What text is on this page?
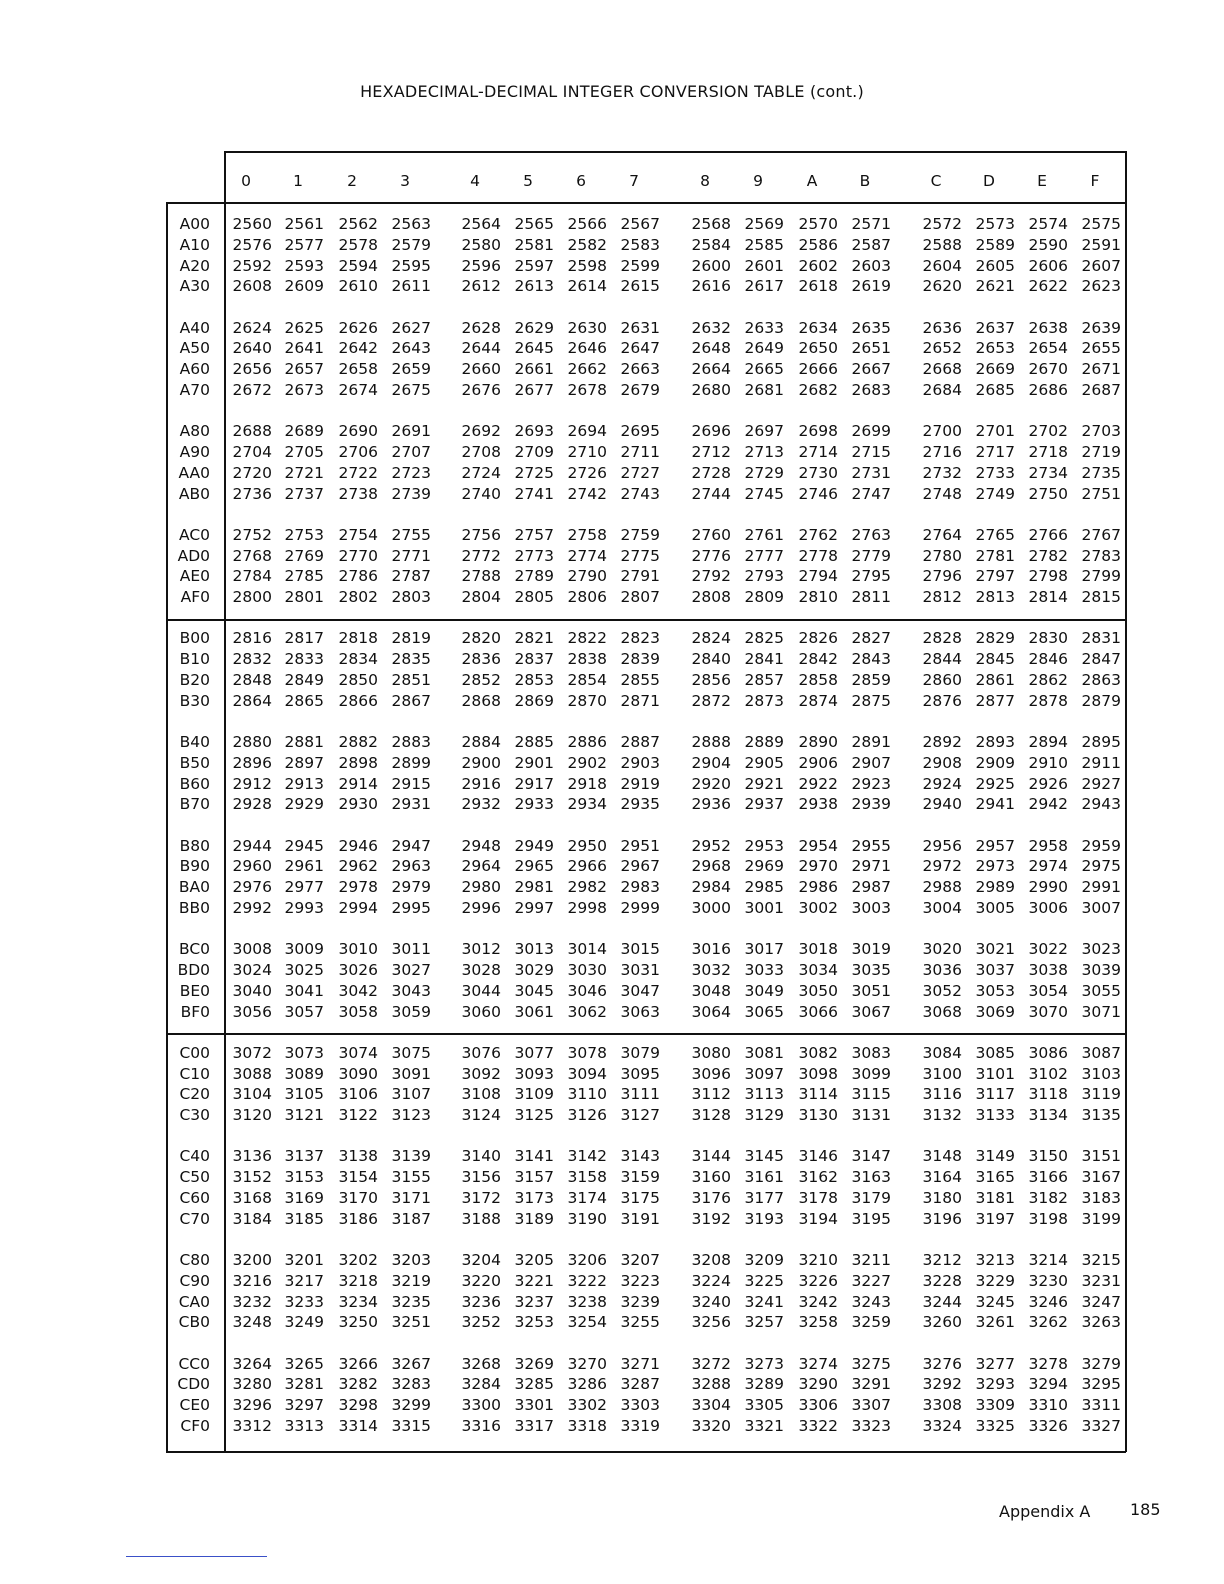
HEXADECIMAL-DECIMAL INTEGER CONVERSION TABLE (cont.)
0	1	2	3	4	5	6	7	8	9	A	B	C	D	E	F
A00	2560 2561 2562 2563	2564 2565 2566 2567	2568 2569 2570 2571	2572 2573 2574 2575
A10	2576 2577 2578 2579	2580 2581 2582 2583	2584 2585 2586 2587	2588 2589 2590 2591
A20	2592 2593 2594 2595	2596 2597 2598 2599	2600 2601 2602 2603	2604 2605 2606 2607
A30	2608 2609 2610 2611	2612 2613 2614 2615	2616 2617 2618 2619	2620 2621 2622 2623
A40	2624 2625 2626 2627	2628 2629 2630 2631	2632 2633 2634 2635	2636 2637 2638 2639
A50	2640 2641 2642 2643	2644 2645 2646 2647	2648 2649 2650 2651	2652 2653 2654 2655
A60	2656 2657 2658 2659	2660 2661 2662 2663	2664 2665 2666 2667	2668 2669 2670 2671
A70	2672 2673 2674 2675	2676 2677 2678 2679	2680 2681 2682 2683	2684 2685 2686 2687
A80	2688 2689 2690 2691	2692 2693 2694 2695	2696 2697 2698 2699	2700 2701 2702 2703
A90	2704 2705 2706 2707	2708 2709 2710 2711	2712 2713 2714 2715	2716 2717 2718 2719
AA0	2720 2721 2722 2723	2724 2725 2726 2727	2728 2729 2730 2731	2732 2733 2734 2735
AB0	2736 2737 2738 2739	2740 2741 2742 2743	2744 2745 2746 2747	2748 2749 2750 2751
AC0	2752 2753 2754 2755	2756 2757 2758 2759	2760 2761 2762 2763	2764 2765 2766 2767
AD0	2768 2769 2770 2771	2772 2773 2774 2775	2776 2777 2778 2779	2780 2781 2782 2783
AE0	2784 2785 2786 2787	2788 2789 2790 2791	2792 2793 2794 2795	2796 2797 2798 2799
AF0	2800 2801 2802 2803	2804 2805 2806 2807	2808 2809 2810 2811	2812 2813 2814 2815
B00	2816 2817 2818 2819	2820 2821 2822 2823	2824 2825 2826 2827	2828 2829 2830 2831
B10	2832 2833 2834 2835	2836 2837 2838 2839	2840 2841 2842 2843	2844 2845 2846 2847
B20	2848 2849 2850 2851	2852 2853 2854 2855	2856 2857 2858 2859	2860 2861 2862 2863
B30	2864 2865 2866 2867	2868 2869 2870 2871	2872 2873 2874 2875	2876 2877 2878 2879
B40	2880 2881 2882 2883	2884 2885 2886 2887	2888 2889 2890 2891	2892 2893 2894 2895
B50	2896 2897 2898 2899	2900 2901 2902 2903	2904 2905 2906 2907	2908 2909 2910 2911
B60	2912 2913 2914 2915	2916 2917 2918 2919	2920 2921 2922 2923	2924 2925 2926 2927
B70	2928 2929 2930 2931	2932 2933 2934 2935	2936 2937 2938 2939	2940 2941 2942 2943
B80	2944 2945 2946 2947	2948 2949 2950 2951	2952 2953 2954 2955	2956 2957 2958 2959
B90	2960 2961 2962 2963	2964 2965 2966 2967	2968 2969 2970 2971	2972 2973 2974 2975
BA0	2976 2977 2978 2979	2980 2981 2982 2983	2984 2985 2986 2987	2988 2989 2990 2991
BB0	2992 2993 2994 2995	2996 2997 2998 2999	3000 3001 3002 3003	3004 3005 3006 3007
BC0	3008 3009 3010 3011	3012 3013 3014 3015	3016 3017 3018 3019	3020 3021 3022 3023
BD0	3024 3025 3026 3027	3028 3029 3030 3031	3032 3033 3034 3035	3036 3037 3038 3039
BE0	3040 3041 3042 3043	3044 3045 3046 3047	3048 3049 3050 3051	3052 3053 3054 3055
BF0	3056 3057 3058 3059	3060 3061 3062 3063	3064 3065 3066 3067	3068 3069 3070 3071
C00	3072 3073 3074 3075	3076 3077 3078 3079	3080 3081 3082 3083	3084 3085 3086 3087
C10	3088 3089 3090 3091	3092 3093 3094 3095	3096 3097 3098 3099	3100 3101 3102 3103
C20	3104 3105 3106 3107	3108 3109 3110 3111	3112 3113 3114 3115	3116 3117 3118 3119
C30	3120 3121 3122 3123	3124 3125 3126 3127	3128 3129 3130 3131	3132 3133 3134 3135
C40	3136 3137 3138 3139	3140 3141 3142 3143	3144 3145 3146 3147	3148 3149 3150 3151
C50	3152 3153 3154 3155	3156 3157 3158 3159	3160 3161 3162 3163	3164 3165 3166 3167
C60	3168 3169 3170 3171	3172 3173 3174 3175	3176 3177 3178 3179	3180 3181 3182 3183
C70	3184 3185 3186 3187	3188 3189 3190 3191	3192 3193 3194 3195	3196 3197 3198 3199
C80	3200 3201 3202 3203	3204 3205 3206 3207	3208 3209 3210 3211	3212 3213 3214 3215
C90	3216 3217 3218 3219	3220 3221 3222 3223	3224 3225 3226 3227	3228 3229 3230 3231
CA0	3232 3233 3234 3235	3236 3237 3238 3239	3240 3241 3242 3243	3244 3245 3246 3247
CB0	3248 3249 3250 3251	3252 3253 3254 3255	3256 3257 3258 3259	3260 3261 3262 3263
CC0	3264 3265 3266 3267	3268 3269 3270 3271	3272 3273 3274 3275	3276 3277 3278 3279
CD0	3280 3281 3282 3283	3284 3285 3286 3287	3288 3289 3290 3291	3292 3293 3294 3295
CE0	3296 3297 3298 3299	3300 3301 3302 3303	3304 3305 3306 3307	3308 3309 3310 3311
CF0	3312 3313 3314 3315	3316 3317 3318 3319	3320 3321 3322 3323	3324 3325 3326 3327
Appendix A 185
